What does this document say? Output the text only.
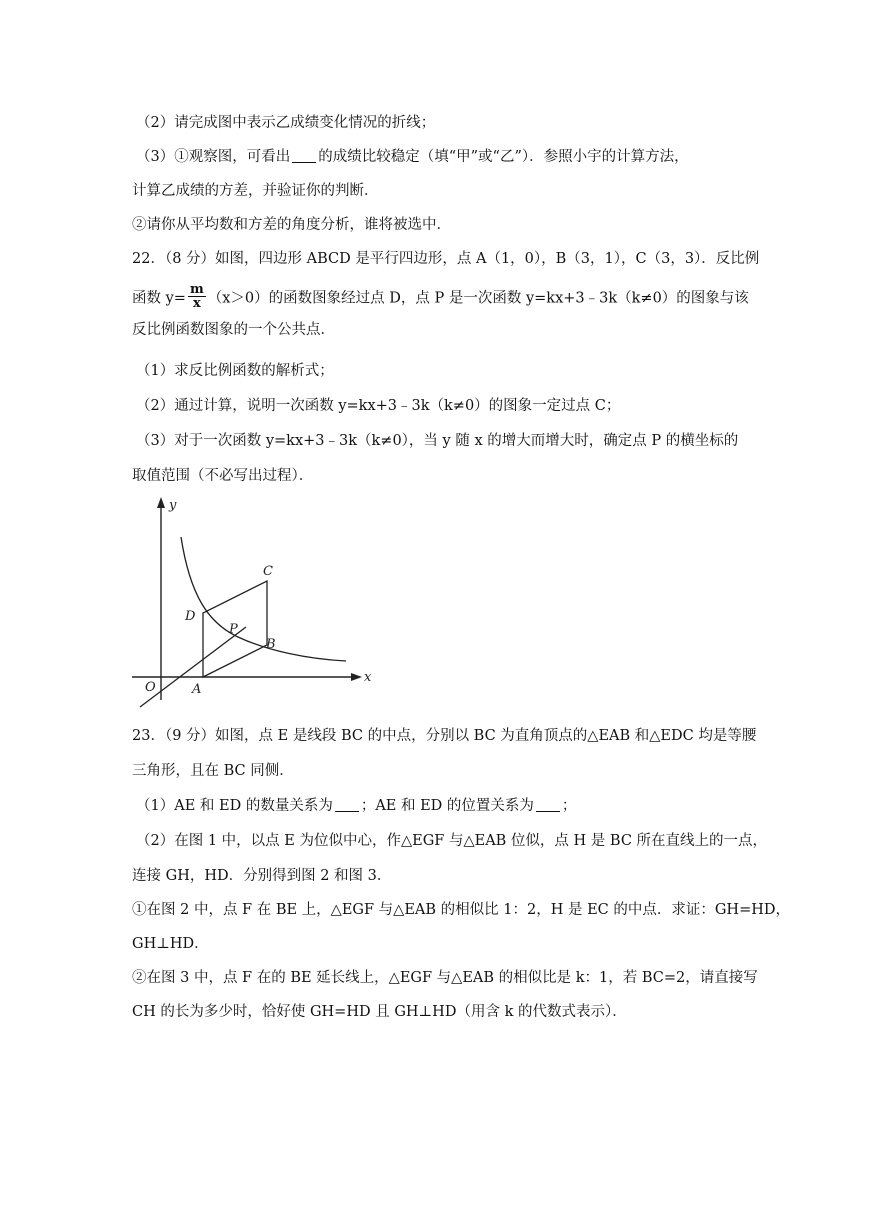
（2）请完成图中表示乙成绩变化情况的折线；
（3）①观察图，可看出 的成绩比较稳定（填“甲”或“乙”）．参照小宇的计算方法，
计算乙成绩的方差，并验证你的判断．
②请你从平均数和方差的角度分析，谁将被选中．
22．（8 分）如图，四边形 ABCD 是平行四边形，点 A（1，0），B（3，1），C（3，3）．反比例
函数 $y= \frac{m}{x} (x>0)$的函数图象经过点 D，点 P 是一次函数 y=kx+3﹣3k（k≠0）的图象与该
反比例函数图象的一个公共点．
（1）求反比例函数的解析式；
（2）通过计算，说明一次函数 y=kx+3﹣3k（k≠0）的图象一定过点 C；
（3）对于一次函数 y=kx+3﹣3k（k≠0），当 y 随 x 的增大而增大时，确定点 P 的横坐标的
取值范围（不必写出过程）．
y
x
O	A
B
C
D
P
23．（9 分）如图，点 E 是线段 BC 的中点，分别以 BC 为直角顶点的△EAB 和△EDC 均是等腰
三角形，且在 BC 同侧．
（1）AE 和 ED 的数量关系为 ；AE 和 ED 的位置关系为 ；
（2）在图 1 中，以点 E 为位似中心，作△EGF 与△EAB 位似，点 H 是 BC 所在直线上的一点，
连接 GH，HD．分别得到图 2 和图 3．
①在图 2 中，点 F 在 BE 上，△EGF 与△EAB 的相似比 1：2，H 是 EC 的中点．求证：GH=HD，
GH⊥HD．
②在图 3 中，点 F 在的 BE 延长线上，△EGF 与△EAB 的相似比是 k：1，若 BC=2，请直接写
CH 的长为多少时，恰好使 GH=HD 且 GH⊥HD（用含 k 的代数式表示）．
